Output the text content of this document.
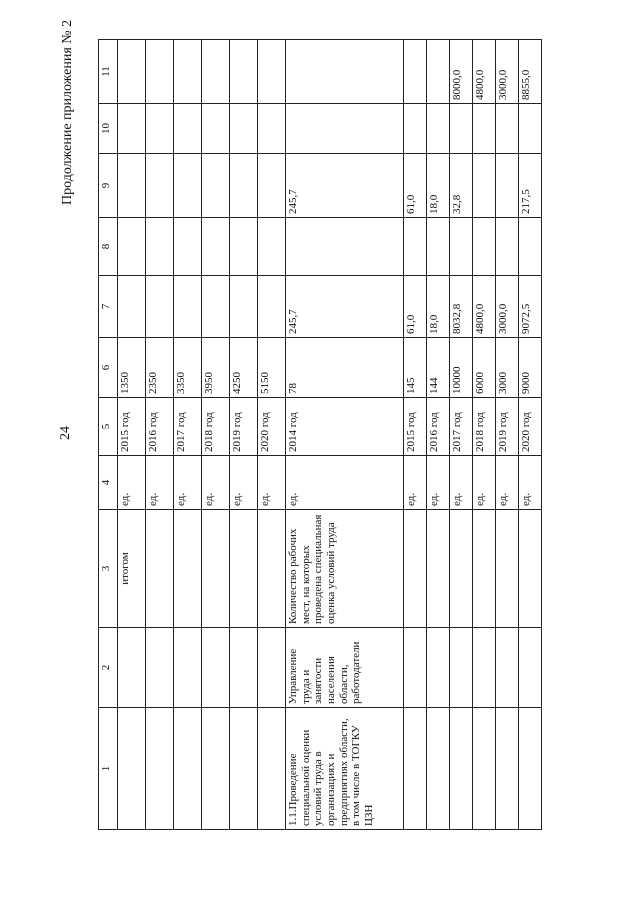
24
Продолжение приложения № 2
1	2	3	4	5	6	7	8	9	10	11
		итогом	ед.	2015 год	1350					
			ед.	2016 год	2350					
			ед.	2017 год	3350					
			ед.	2018 год	3950					
			ед.	2019 год	4250					
			ед.	2020 год	5150					
1.1.Проведение специальной оценки условий труда в организациях и предприятиях области, в том числе в ТОГКУ ЦЗН	Управление труда и занятости населения области, работодатели	Количество рабочих мест, на которых проведена специальная оценка условий труда	ед.	2014 год	78	245,7		245,7		
			ед.	2015 год	145	61,0		61,0		
			ед.	2016 год	144	18,0		18,0		
			ед.	2017 год	10000	8032,8		32,8		8000,0
			ед.	2018 год	6000	4800,0				4800,0
			ед.	2019 год	3000	3000,0				3000,0
			ед.	2020 год	9000	9072,5		217,5		8855,0
